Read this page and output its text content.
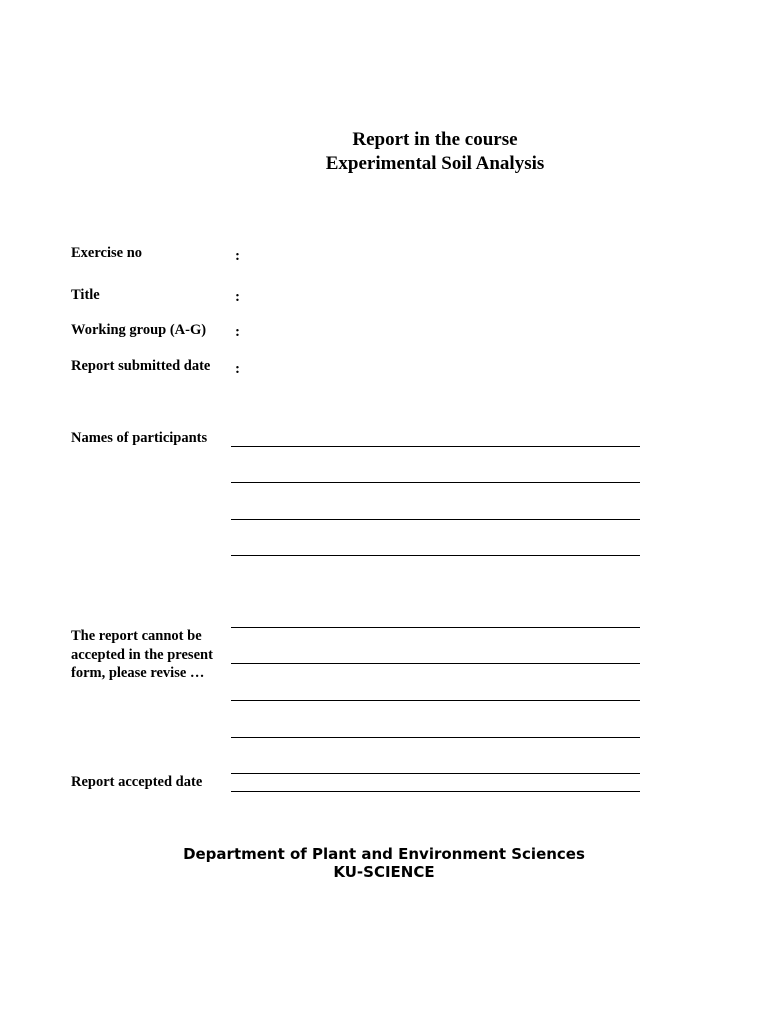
Report in the course
Experimental Soil Analysis
Exercise no	:
Title	:
Working group (A-G) :
Report submitted date :
Names of participants
The report cannot be
accepted in the present
form, please revise …
Report accepted date
Department of Plant and Environment Sciences
KU-SCIENCE
